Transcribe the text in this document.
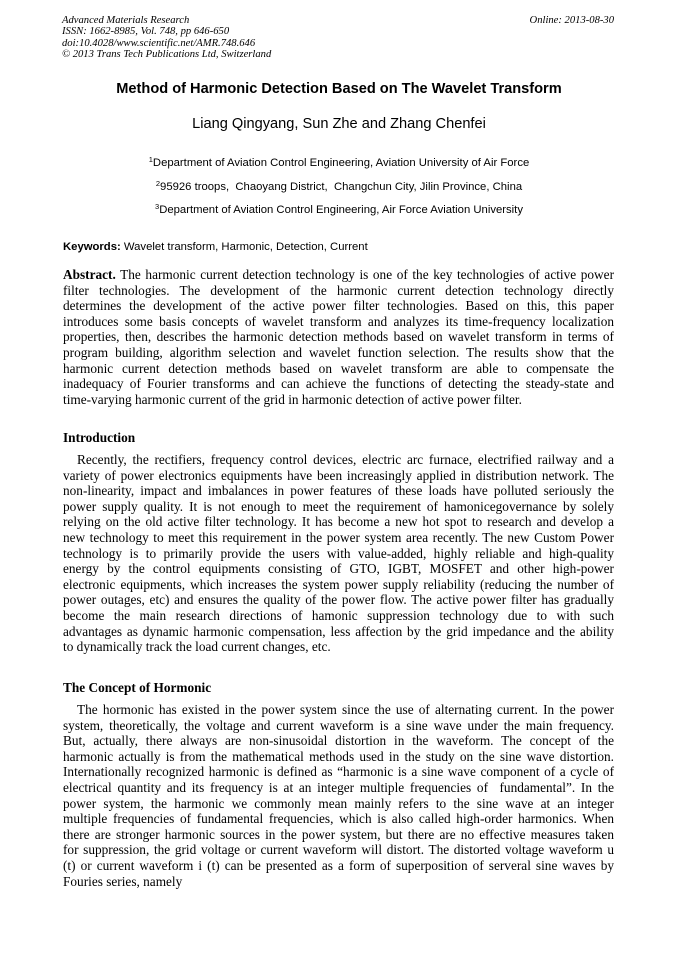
Advanced Materials Research
ISSN: 1662-8985, Vol. 748, pp 646-650
doi:10.4028/www.scientific.net/AMR.748.646
© 2013 Trans Tech Publications Ltd, Switzerland
Online: 2013-08-30
Method of Harmonic Detection Based on The Wavelet Transform
Liang Qingyang, Sun Zhe and Zhang Chenfei
$^1$Department of Aviation Control Engineering, Aviation University of Air Force
$^2$95926 troops,  Chaoyang District,  Changchun City, Jilin Province, China
$^3$Department of Aviation Control Engineering, Air Force Aviation University
Keywords: Wavelet transform, Harmonic, Detection, Current
Abstract. The harmonic current detection technology is one of the key technologies of active power
filter technologies. The development of the harmonic current detection technology directly
determines the development of the active power filter technologies. Based on this, this paper
introduces some basis concepts of wavelet transform and analyzes its time-frequency localization
properties, then, describes the harmonic detection methods based on wavelet transform in terms of
program building, algorithm selection and wavelet function selection. The results show that the
harmonic current detection methods based on wavelet transform are able to compensate the
inadequacy of Fourier transforms and can achieve the functions of detecting the steady-state and
time-varying harmonic current of the grid in harmonic detection of active power filter.
Introduction
Recently, the rectifiers, frequency control devices, electric arc furnace, electrified railway and a
variety of power electronics equipments have been increasingly applied in distribution network. The
non-linearity, impact and imbalances in power features of these loads have polluted seriously the
power supply quality. It is not enough to meet the requirement of hamonicegovernance by solely
relying on the old active filter technology. It has become a new hot spot to research and develop a
new technology to meet this requirement in the power system area recently. The new Custom Power
technology is to primarily provide the users with value-added, highly reliable and high-quality
energy by the control equipments consisting of GTO, IGBT, MOSFET and other high-power
electronic equipments, which increases the system power supply reliability (reducing the number of
power outages, etc) and ensures the quality of the power flow. The active power filter has gradually
become the main research directions of hamonic suppression technology due to with such
advantages as dynamic harmonic compensation, less affection by the grid impedance and the ability
to dynamically track the load current changes, etc.
The Concept of Hormonic
The hormonic has existed in the power system since the use of alternating current. In the power
system, theoretically, the voltage and current waveform is a sine wave under the main frequency.
But, actually, there always are non-sinusoidal distortion in the waveform. The concept of the
harmonic actually is from the mathematical methods used in the study on the sine wave distortion.
Internationally recognized harmonic is defined as “harmonic is a sine wave component of a cycle of
electrical quantity and its frequency is at an integer multiple frequencies of  fundamental”. In the
power system, the harmonic we commonly mean mainly refers to the sine wave at an integer
multiple frequencies of fundamental frequencies, which is also called high-order harmonics. When
there are stronger harmonic sources in the power system, but there are no effective measures taken
for suppression, the grid voltage or current waveform will distort. The distorted voltage waveform u
(t) or current waveform i (t) can be presented as a form of superposition of serveral sine waves by
Fouries series, namely
